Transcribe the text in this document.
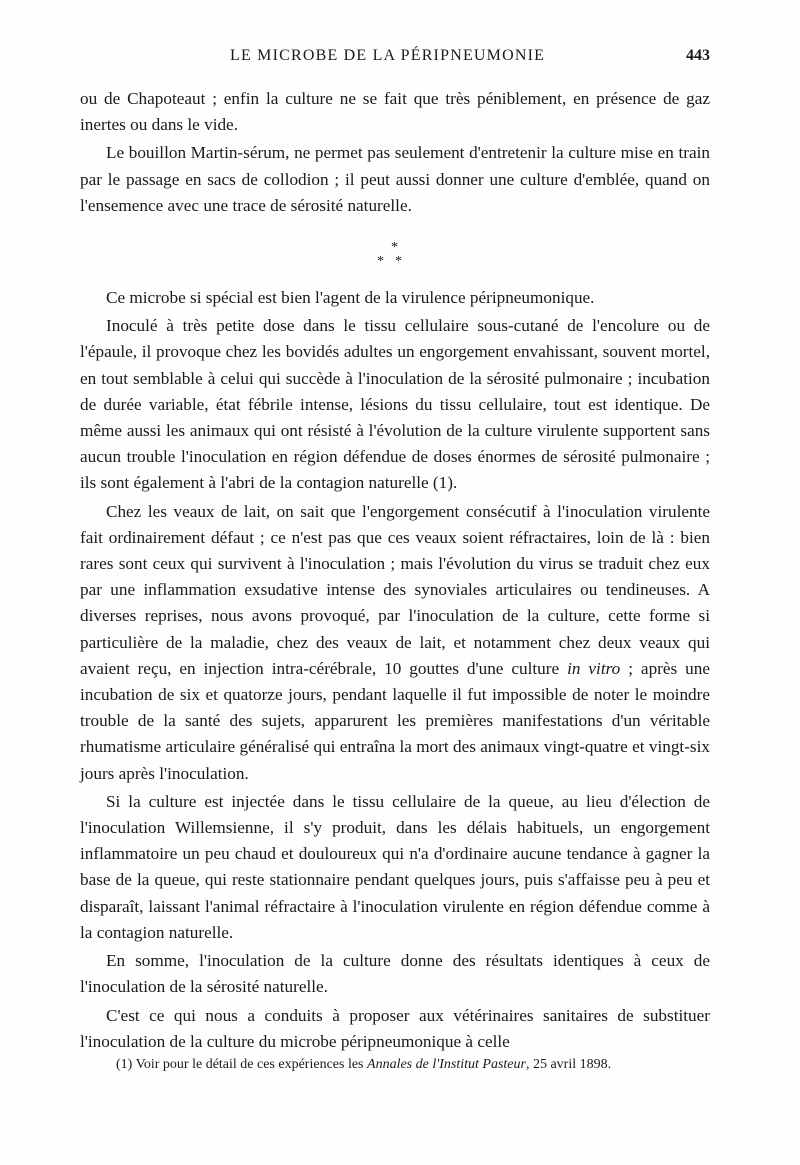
LE MICROBE DE LA PÉRIPNEUMONIE	443

ou de Chapoteaut ; enfin la culture ne se fait que très péniblement, en présence de gaz inertes ou dans le vide.

Le bouillon Martin-sérum, ne permet pas seulement d'entretenir la culture mise en train par le passage en sacs de collodion ; il peut aussi donner une culture d'emblée, quand on l'ensemence avec une trace de sérosité naturelle.

*
* *

Ce microbe si spécial est bien l'agent de la virulence péripneumonique.

Inoculé à très petite dose dans le tissu cellulaire sous-cutané de l'encolure ou de l'épaule, il provoque chez les bovidés adultes un engorgement envahissant, souvent mortel, en tout semblable à celui qui succède à l'inoculation de la sérosité pulmonaire ; incubation de durée variable, état fébrile intense, lésions du tissu cellulaire, tout est identique. De même aussi les animaux qui ont résisté à l'évolution de la culture virulente supportent sans aucun trouble l'inoculation en région défendue de doses énormes de sérosité pulmonaire ; ils sont également à l'abri de la contagion naturelle (1).

Chez les veaux de lait, on sait que l'engorgement consécutif à l'inoculation virulente fait ordinairement défaut ; ce n'est pas que ces veaux soient réfractaires, loin de là : bien rares sont ceux qui survivent à l'inoculation ; mais l'évolution du virus se traduit chez eux par une inflammation exsudative intense des synoviales articulaires ou tendineuses. A diverses reprises, nous avons provoqué, par l'inoculation de la culture, cette forme si particulière de la maladie, chez des veaux de lait, et notamment chez deux veaux qui avaient reçu, en injection intra-cérébrale, 10 gouttes d'une culture in vitro ; après une incubation de six et quatorze jours, pendant laquelle il fut impossible de noter le moindre trouble de la santé des sujets, apparurent les premières manifestations d'un véritable rhumatisme articulaire généralisé qui entraîna la mort des animaux vingt-quatre et vingt-six jours après l'inoculation.

Si la culture est injectée dans le tissu cellulaire de la queue, au lieu d'élection de l'inoculation Willemsienne, il s'y produit, dans les délais habituels, un engorgement inflammatoire un peu chaud et douloureux qui n'a d'ordinaire aucune tendance à gagner la base de la queue, qui reste stationnaire pendant quelques jours, puis s'affaisse peu à peu et disparaît, laissant l'animal réfractaire à l'inoculation virulente en région défendue comme à la contagion naturelle.

En somme, l'inoculation de la culture donne des résultats identiques à ceux de l'inoculation de la sérosité naturelle.

C'est ce qui nous a conduits à proposer aux vétérinaires sanitaires de substituer l'inoculation de la culture du microbe péripneumonique à celle

(1) Voir pour le détail de ces expériences les Annales de l'Institut Pasteur, 25 avril 1898.
